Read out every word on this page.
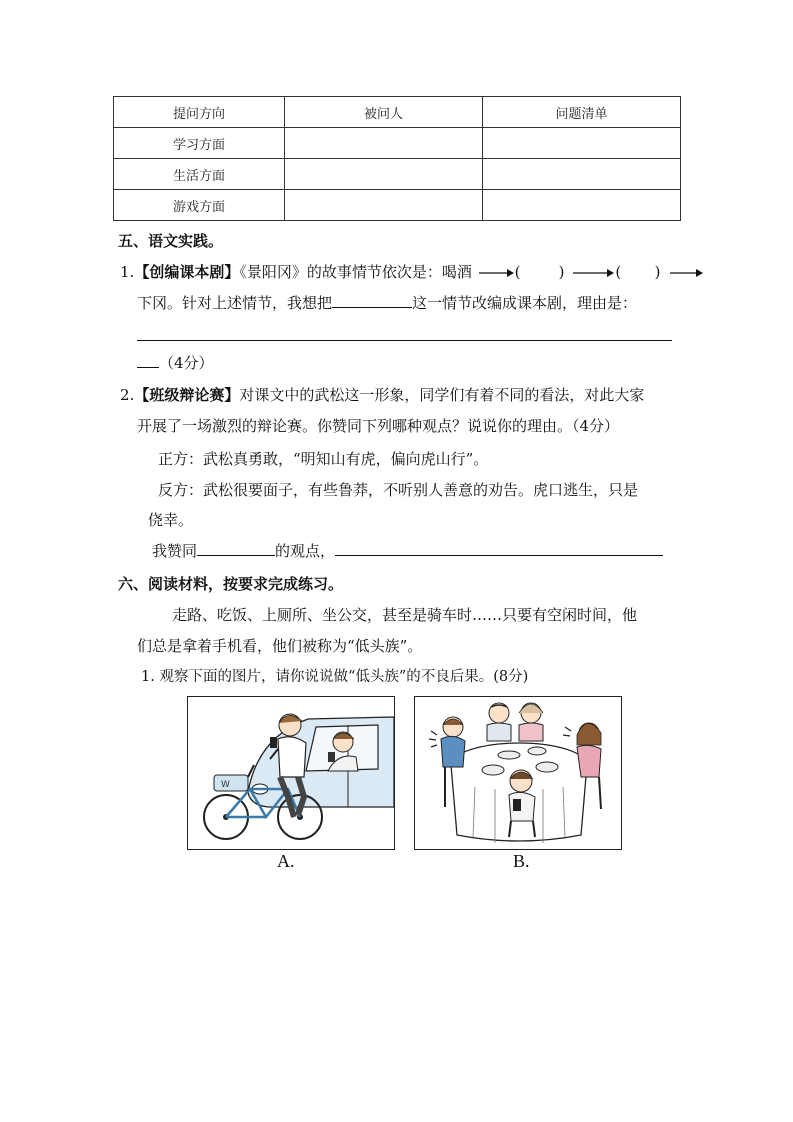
提问方向	被问人	问题清单
学习方面		
生活方面		
游戏方面		
五、语文实践。
1.【创编课本剧】《景阳冈》的故事情节依次是：喝酒	(        )	(       )
下冈。针对上述情节，我想把	这一情节改编成课本剧，理由是：
（4分）
2.【班级辩论赛】对课文中的武松这一形象，同学们有着不同的看法，对此大家
开展了一场激烈的辩论赛。你赞同下列哪种观点？说说你的理由。（4分）
正方：武松真勇敢，“明知山有虎，偏向虎山行”。
反方：武松很要面子，有些鲁莽，不听别人善意的劝告。虎口逃生，只是
侥幸。
我赞同	的观点，
六、阅读材料，按要求完成练习。
走路、吃饭、上厕所、坐公交，甚至是骑车时……只要有空闲时间，他
们总是拿着手机看，他们被称为“低头族”。
1. 观察下面的图片，请你说说做“低头族”的不良后果。(8分)
W
A.	B.
